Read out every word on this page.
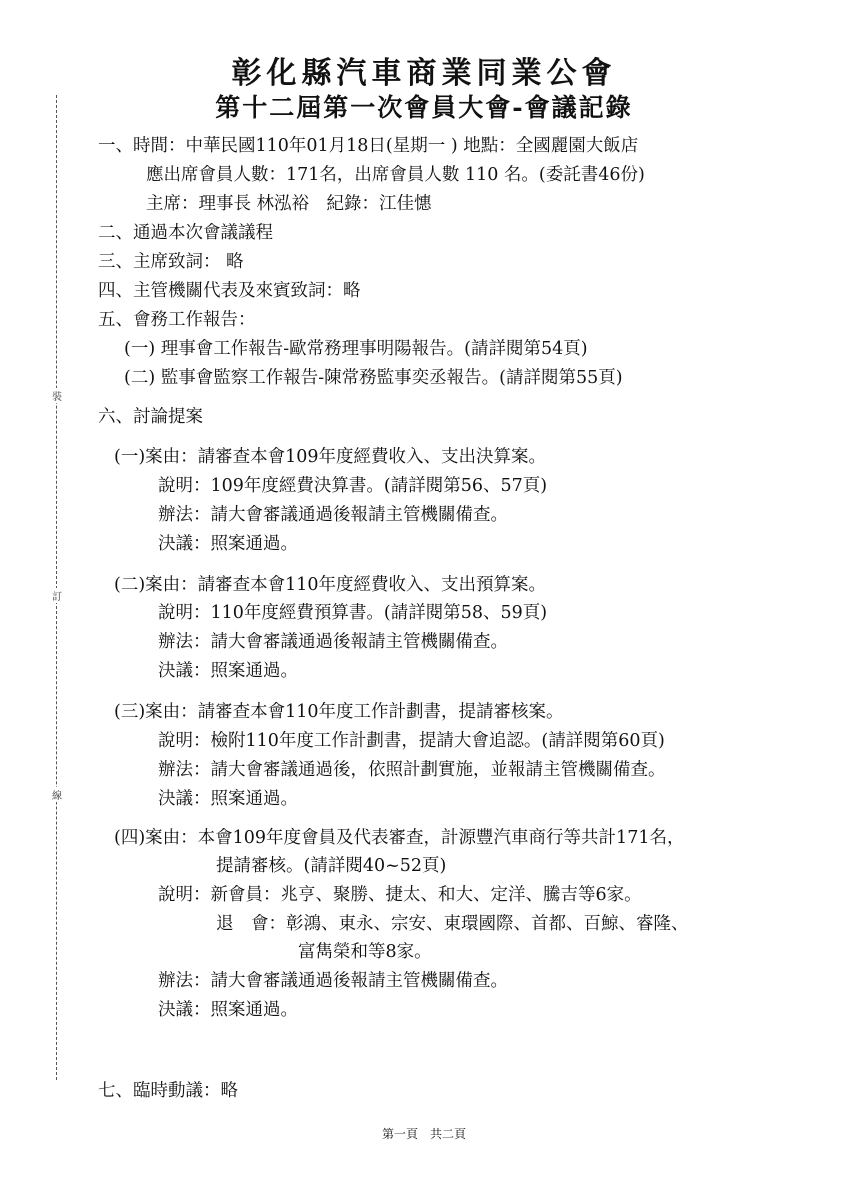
彰化縣汽車商業同業公會
第十二屆第一次會員大會-會議記錄
裝
訂
線
一、時間：中華民國110年01月18日(星期一 ) 地點：全國麗園大飯店
應出席會員人數：171名，出席會員人數 110 名。(委託書46份)
主席：理事長 林泓裕　紀錄：江佳憓
二、通過本次會議議程
三、主席致詞： 略
四、主管機關代表及來賓致詞：略
五、會務工作報告：
(一) 理事會工作報告-歐常務理事明陽報告。(請詳閱第54頁)
(二) 監事會監察工作報告-陳常務監事奕丞報告。(請詳閱第55頁)
六、討論提案
(一)案由：請審查本會109年度經費收入、支出決算案。
說明：109年度經費決算書。(請詳閱第56、57頁)
辦法：請大會審議通過後報請主管機關備查。
決議：照案通過。
(二)案由：請審查本會110年度經費收入、支出預算案。
說明：110年度經費預算書。(請詳閱第58、59頁)
辦法：請大會審議通過後報請主管機關備查。
決議：照案通過。
(三)案由：請審查本會110年度工作計劃書，提請審核案。
說明：檢附110年度工作計劃書，提請大會追認。(請詳閱第60頁)
辦法：請大會審議通過後，依照計劃實施，並報請主管機關備查。
決議：照案通過。
(四)案由：本會109年度會員及代表審查，計源豐汽車商行等共計171名，
提請審核。(請詳閱40~52頁)
說明：新會員：兆亨、聚勝、捷太、和大、定洋、騰吉等6家。
退　會：彰鴻、東永、宗安、東環國際、首都、百鯨、睿隆、
富雋榮和等8家。
辦法：請大會審議通過後報請主管機關備查。
決議：照案通過。
七、臨時動議：略
第一頁　共二頁
